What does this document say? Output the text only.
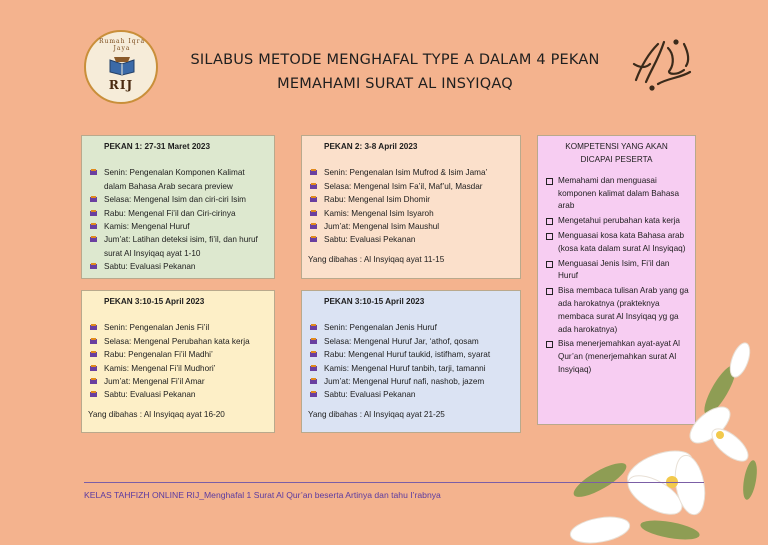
Rumah Iqra Jaya
RIJ
SILABUS METODE MENGHAFAL TYPE A DALAM 4 PEKAN
MEMAHAMI SURAT AL INSYIQAQ
PEKAN 1: 27-31 Maret 2023
Senin: Pengenalan Komponen Kalimat dalam Bahasa Arab secara preview
Selasa: Mengenal Isim dan ciri-ciri Isim
Rabu: Mengenal Fi’il dan Ciri-cirinya
Kamis: Mengenal Huruf
Jum’at: Latihan deteksi isim, fi’il, dan huruf surat Al Insyiqaq ayat 1-10
Sabtu: Evaluasi Pekanan
PEKAN 2: 3-8 April 2023
Senin: Pengenalan Isim Mufrod & Isim Jama’
Selasa: Mengenal Isim Fa’il, Maf’ul, Masdar
Rabu: Mengenal Isim Dhomir
Kamis: Mengenal Isim Isyaroh
Jum’at: Mengenal Isim Maushul
Sabtu: Evaluasi Pekanan
Yang dibahas : Al Insyiqaq ayat 11-15
PEKAN 3:10-15 April 2023
Senin: Pengenalan Jenis Fi’il
Selasa: Mengenal Perubahan kata kerja
Rabu: Pengenalan Fi’il Madhi’
Kamis: Mengenal Fi’il Mudhori’
Jum’at: Mengenal Fi’il Amar
Sabtu: Evaluasi Pekanan
Yang dibahas : Al Insyiqaq ayat 16-20
PEKAN 3:10-15 April 2023
Senin: Pengenalan Jenis Huruf
Selasa: Mengenal Huruf Jar, ‘athof, qosam
Rabu: Mengenal Huruf taukid, istifham, syarat
Kamis: Mengenal Huruf tanbih, tarji, tamanni
Jum’at: Mengenal Huruf nafi, nashob, jazem
Sabtu: Evaluasi Pekanan
Yang dibahas : Al Insyiqaq ayat 21-25
KOMPETENSI YANG AKAN
DICAPAI PESERTA
Memahami dan menguasai komponen kalimat dalam Bahasa arab
Mengetahui perubahan kata kerja
Menguasai kosa kata Bahasa arab (kosa kata dalam surat Al Insyiqaq)
Menguasai Jenis Isim, Fi’il dan Huruf
Bisa membaca tulisan Arab yang ga ada harokatnya (prakteknya membaca surat Al Insyiqaq yg ga ada harokatnya)
Bisa menerjemahkan ayat-ayat Al Qur’an (menerjemahkan surat Al Insyiqaq)
KELAS TAHFIZH ONLINE RIJ_Menghafal 1 Surat Al Qur’an beserta Artinya dan tahu I’rabnya
